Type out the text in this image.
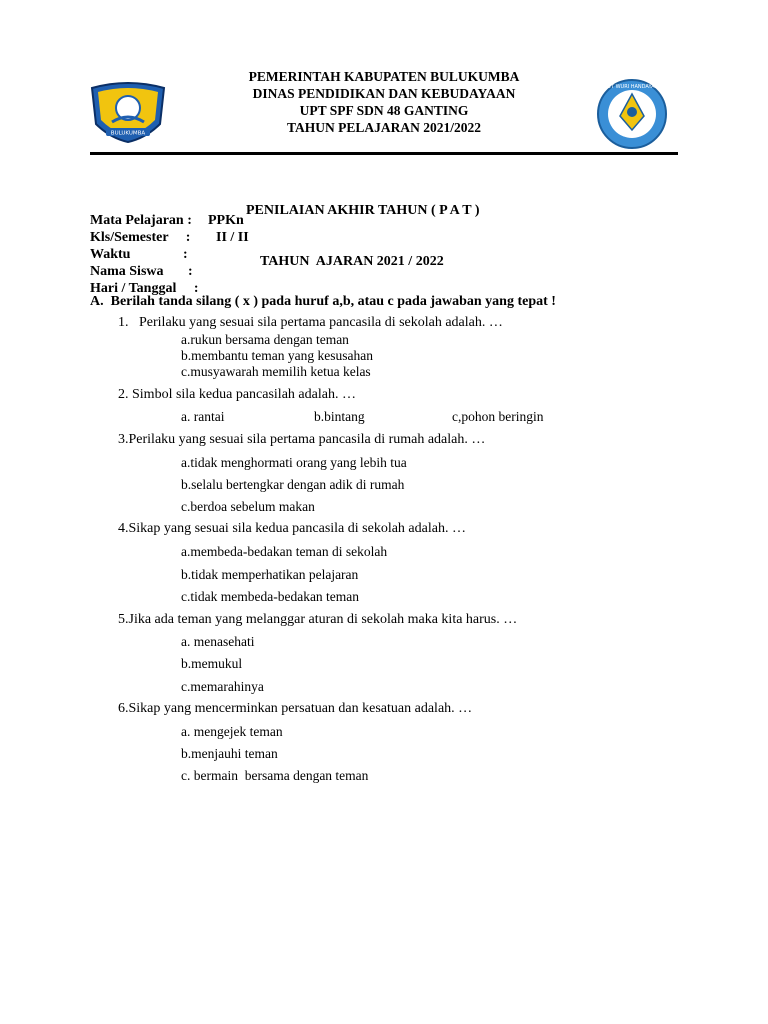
BULUKUMBA
PEMERINTAH KABUPATEN BULUKUMBA
DINAS PENDIDIKAN DAN KEBUDAYAAN
UPT SPF SDN 48 GANTING
TAHUN PELAJARAN 2021/2022
TUT WURI HANDAYANI

PENILAIAN AKHIR TAHUN ( P A T )

TAHUN  AJARAN 2021 / 2022

Mata Pelajaran : PPKn
Kls/Semester     : II / II
Waktu               :
Nama Siswa       :
Hari / Tanggal     :
A.  Berilah tanda silang ( x ) pada huruf a,b, atau c pada jawaban yang tepat !
1.   Perilaku yang sesuai sila pertama pancasila di sekolah adalah. …
a.rukun bersama dengan teman
b.membantu teman yang kesusahan
c.musyawarah memilih ketua kelas
2. Simbol sila kedua pancasilah adalah. …
a. rantai	b.bintang	c,pohon beringin
3.Perilaku yang sesuai sila pertama pancasila di rumah adalah. …
a.tidak menghormati orang yang lebih tua
b.selalu bertengkar dengan adik di rumah
c.berdoa sebelum makan
4.Sikap yang sesuai sila kedua pancasila di sekolah adalah. …
a.membeda-bedakan teman di sekolah
b.tidak memperhatikan pelajaran
c.tidak membeda-bedakan teman
5.Jika ada teman yang melanggar aturan di sekolah maka kita harus. …
a. menasehati
b.memukul
c.memarahinya
6.Sikap yang mencerminkan persatuan dan kesatuan adalah. …
a. mengejek teman
b.menjauhi teman
c. bermain  bersama dengan teman
